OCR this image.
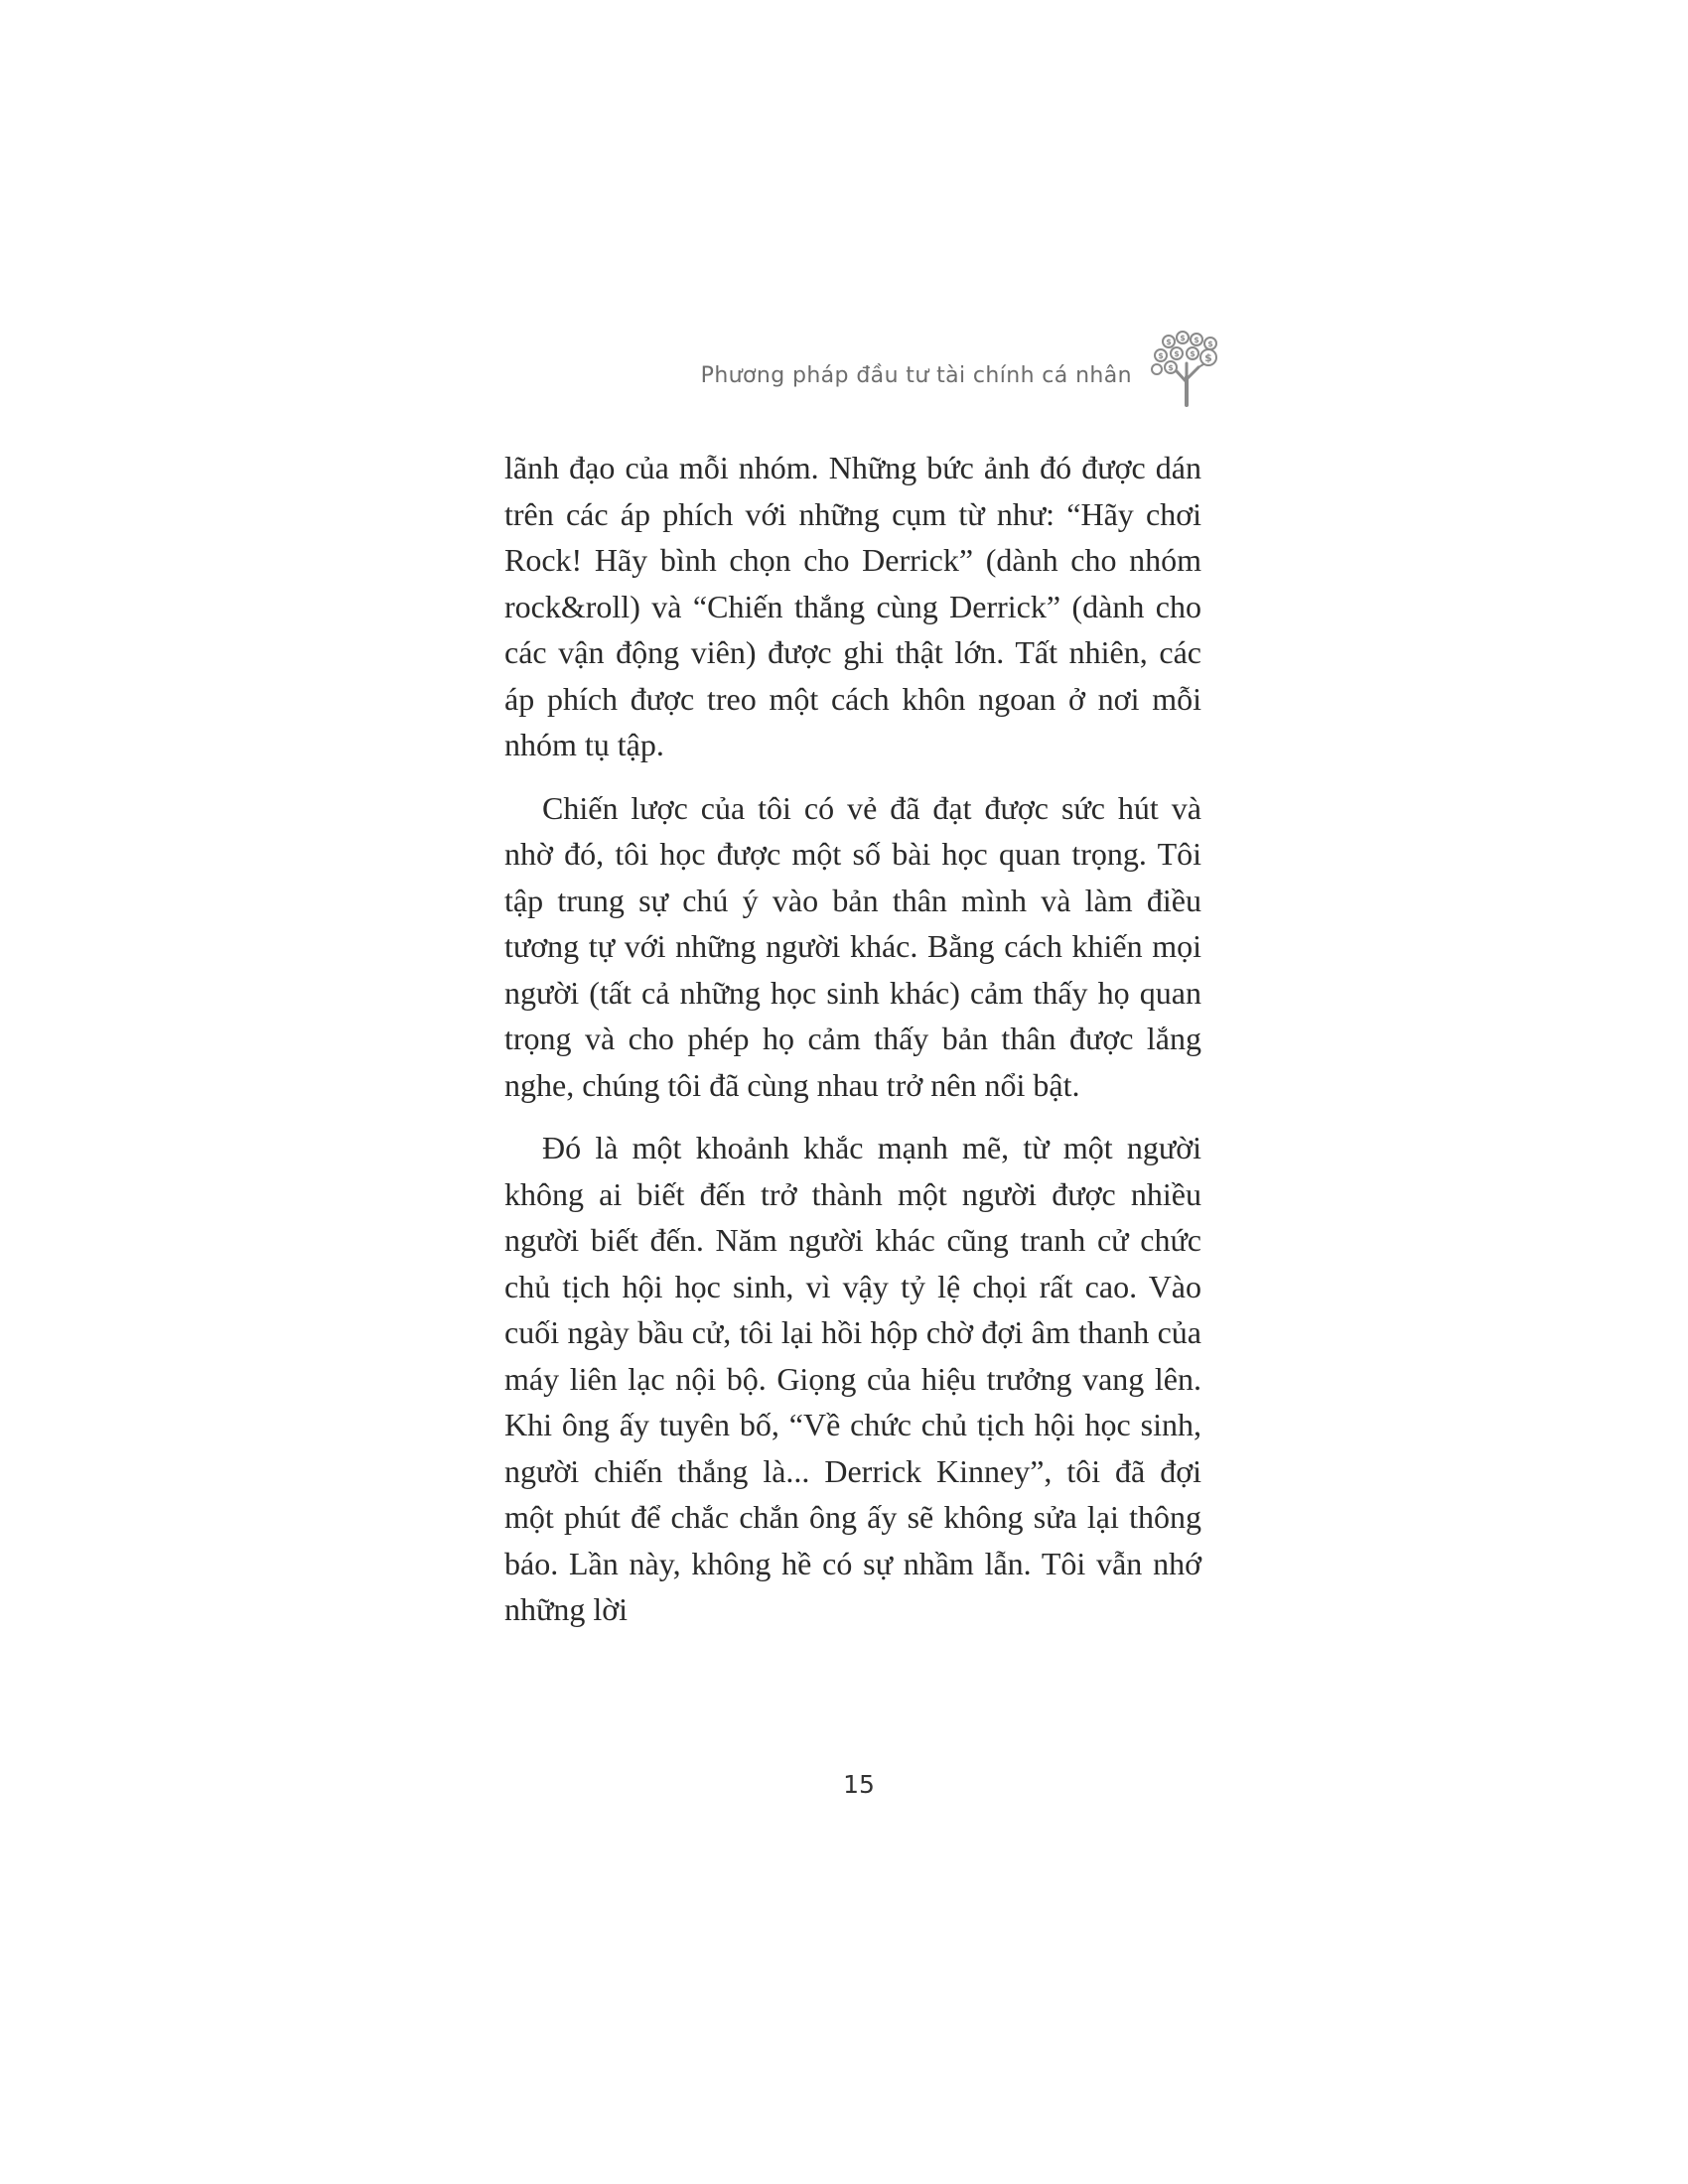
Phương pháp đầu tư tài chính cá nhân
$ $ $ $
$ $ $ $
$

lãnh đạo của mỗi nhóm. Những bức ảnh đó được dán trên các áp phích với những cụm từ như: “Hãy chơi Rock! Hãy bình chọn cho Derrick” (dành cho nhóm rock&roll) và “Chiến thắng cùng Derrick” (dành cho các vận động viên) được ghi thật lớn. Tất nhiên, các áp phích được treo một cách khôn ngoan ở nơi mỗi nhóm tụ tập.

Chiến lược của tôi có vẻ đã đạt được sức hút và nhờ đó, tôi học được một số bài học quan trọng. Tôi tập trung sự chú ý vào bản thân mình và làm điều tương tự với những người khác. Bằng cách khiến mọi người (tất cả những học sinh khác) cảm thấy họ quan trọng và cho phép họ cảm thấy bản thân được lắng nghe, chúng tôi đã cùng nhau trở nên nổi bật.

Đó là một khoảnh khắc mạnh mẽ, từ một người không ai biết đến trở thành một người được nhiều người biết đến. Năm người khác cũng tranh cử chức chủ tịch hội học sinh, vì vậy tỷ lệ chọi rất cao. Vào cuối ngày bầu cử, tôi lại hồi hộp chờ đợi âm thanh của máy liên lạc nội bộ. Giọng của hiệu trưởng vang lên. Khi ông ấy tuyên bố, “Về chức chủ tịch hội học sinh, người chiến thắng là... Derrick Kinney”, tôi đã đợi một phút để chắc chắn ông ấy sẽ không sửa lại thông báo. Lần này, không hề có sự nhầm lẫn. Tôi vẫn nhớ những lời

15
